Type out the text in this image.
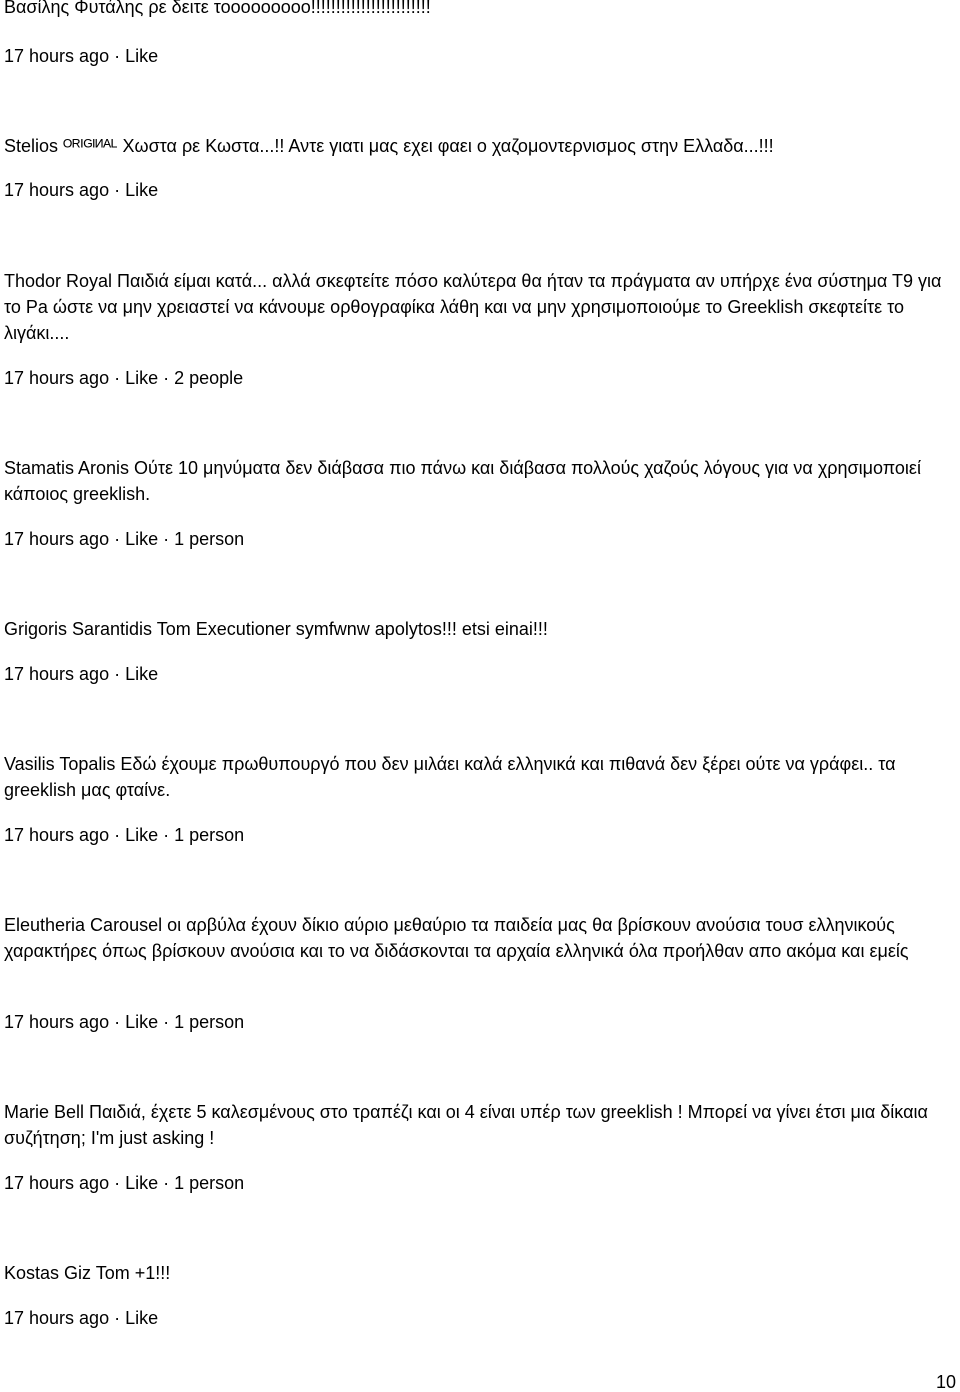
Βασίλης Φυτάλης ρε δειτε τοοοοοοοοο!!!!!!!!!!!!!!!!!!!!!!!!

17 hours ago · Like

Stelios ᴼᴿᴵᴳᴵᴻᴬᴸ Χωστα ρε Κωστα...!! Αντε γιατι μας εχει φαει ο χαζομοντερνισμος στην Ελλαδα...!!!

17 hours ago · Like

Thodor Royal Παιδιά είμαι κατά... αλλά σκεφτείτε πόσο καλύτερα θα ήταν τα πράγματα αν υπήρχε ένα σύστημα Τ9 για το Pa ώστε να μην χρειαστεί να κάνουμε ορθογραφίκα λάθη και να μην χρησιμοποιούμε το Greeklish σκεφτείτε το λιγάκι....

17 hours ago · Like · 2 people

Stamatis Aronis Ούτε 10 μηνύματα δεν διάβασα πιο πάνω και διάβασα πολλούς χαζούς λόγους για να χρησιμοποιεί κάποιος greeklish.

17 hours ago · Like · 1 person

Grigoris Sarantidis Tom Executioner symfwnw apolytos!!! etsi einai!!!

17 hours ago · Like

Vasilis Topalis Εδώ έχουμε πρωθυπουργό που δεν μιλάει καλά ελληνικά και πιθανά δεν ξέρει ούτε να γράφει.. τα greeklish μας φταίνε.

17 hours ago · Like · 1 person

Eleutheria Carousel οι αρβύλα έχουν δίκιο αύριο μεθαύριο τα παιδεία μας θα βρίσκουν ανούσια τουσ ελληνικούς χαρακτήρες όπως βρίσκουν ανούσια και το να διδάσκονται τα αρχαία ελληνικά όλα προήλθαν απο ακόμα και εμείς

17 hours ago · Like · 1 person

Marie Bell Παιδιά, έχετε 5 καλεσμένους στο τραπέζι και οι 4 είναι υπέρ των greeklish ! Μπορεί να γίνει έτσι μια δίκαια συζήτηση; I'm just asking !

17 hours ago · Like · 1 person

Kostas Giz Tom +1!!!

17 hours ago · Like
10
